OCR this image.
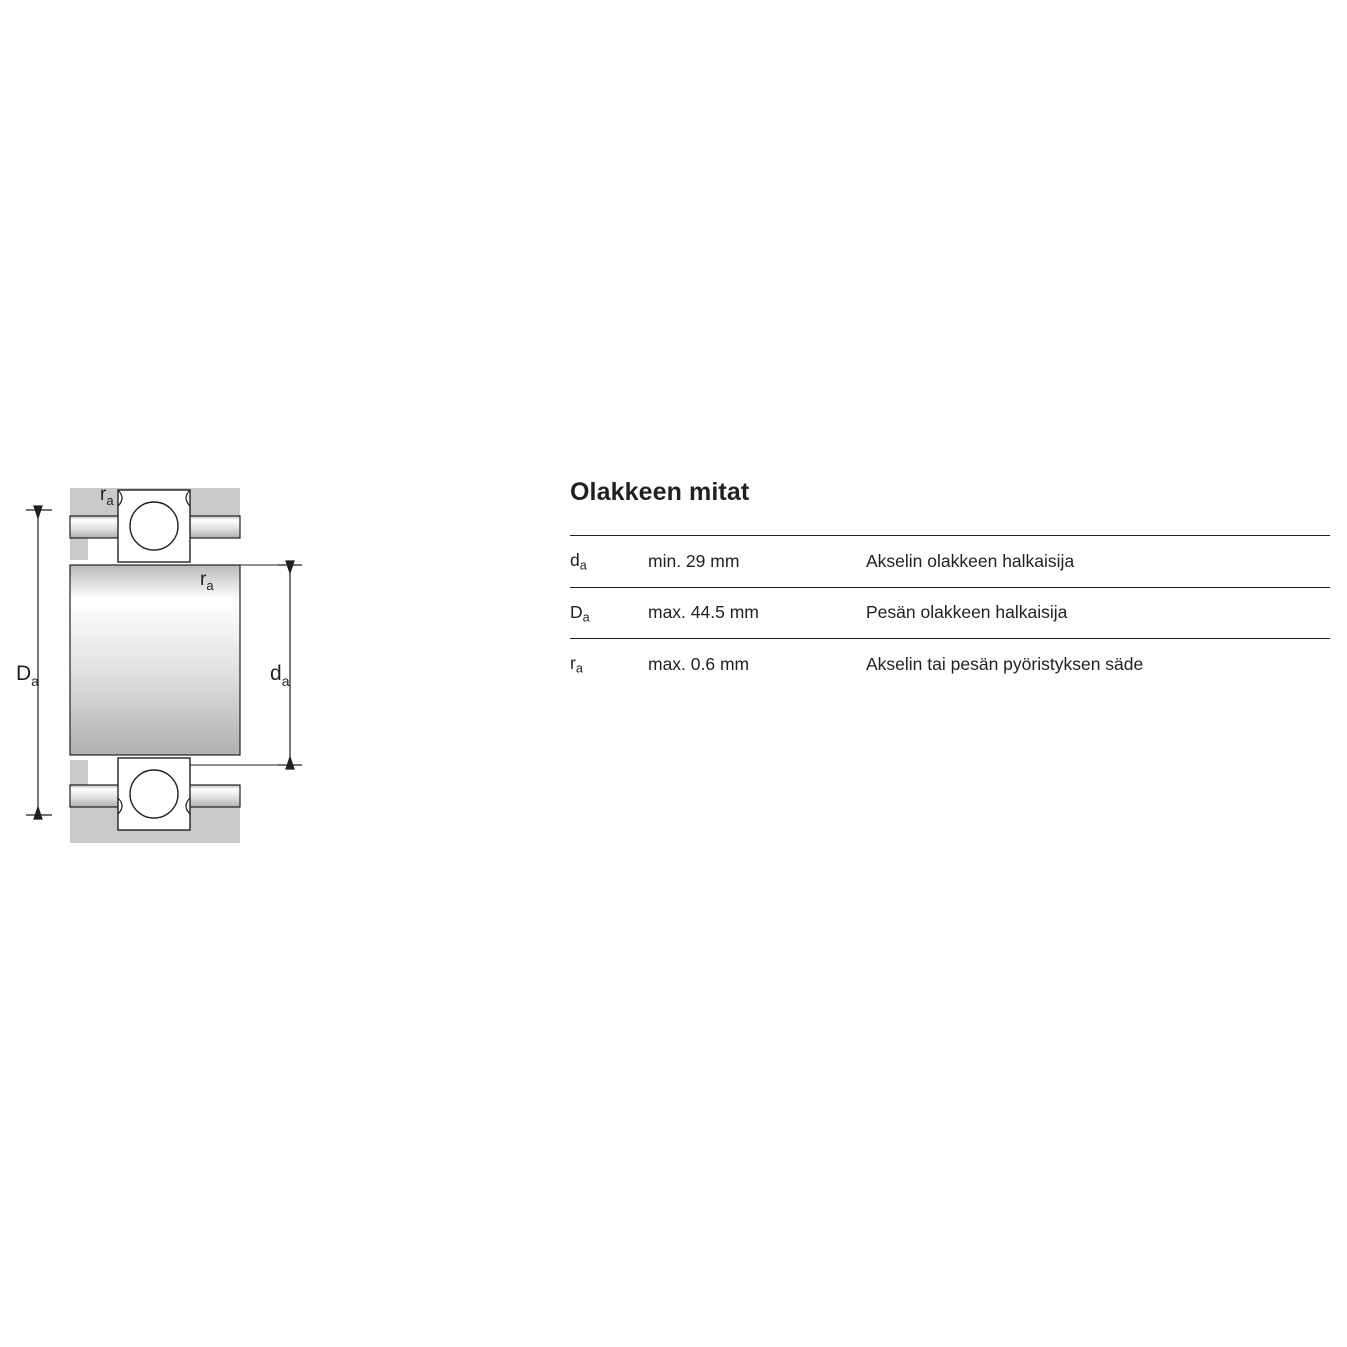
$r_a$
$r_a$
$D_a$	$d_a$
Olakkeen mitat
$d_a$	min. 29 mm	Akselin olakkeen halkaisija
$D_a$	max. 44.5 mm	Pesän olakkeen halkaisija
$r_a$	max. 0.6 mm	Akselin tai pesän pyöristyksen säde
